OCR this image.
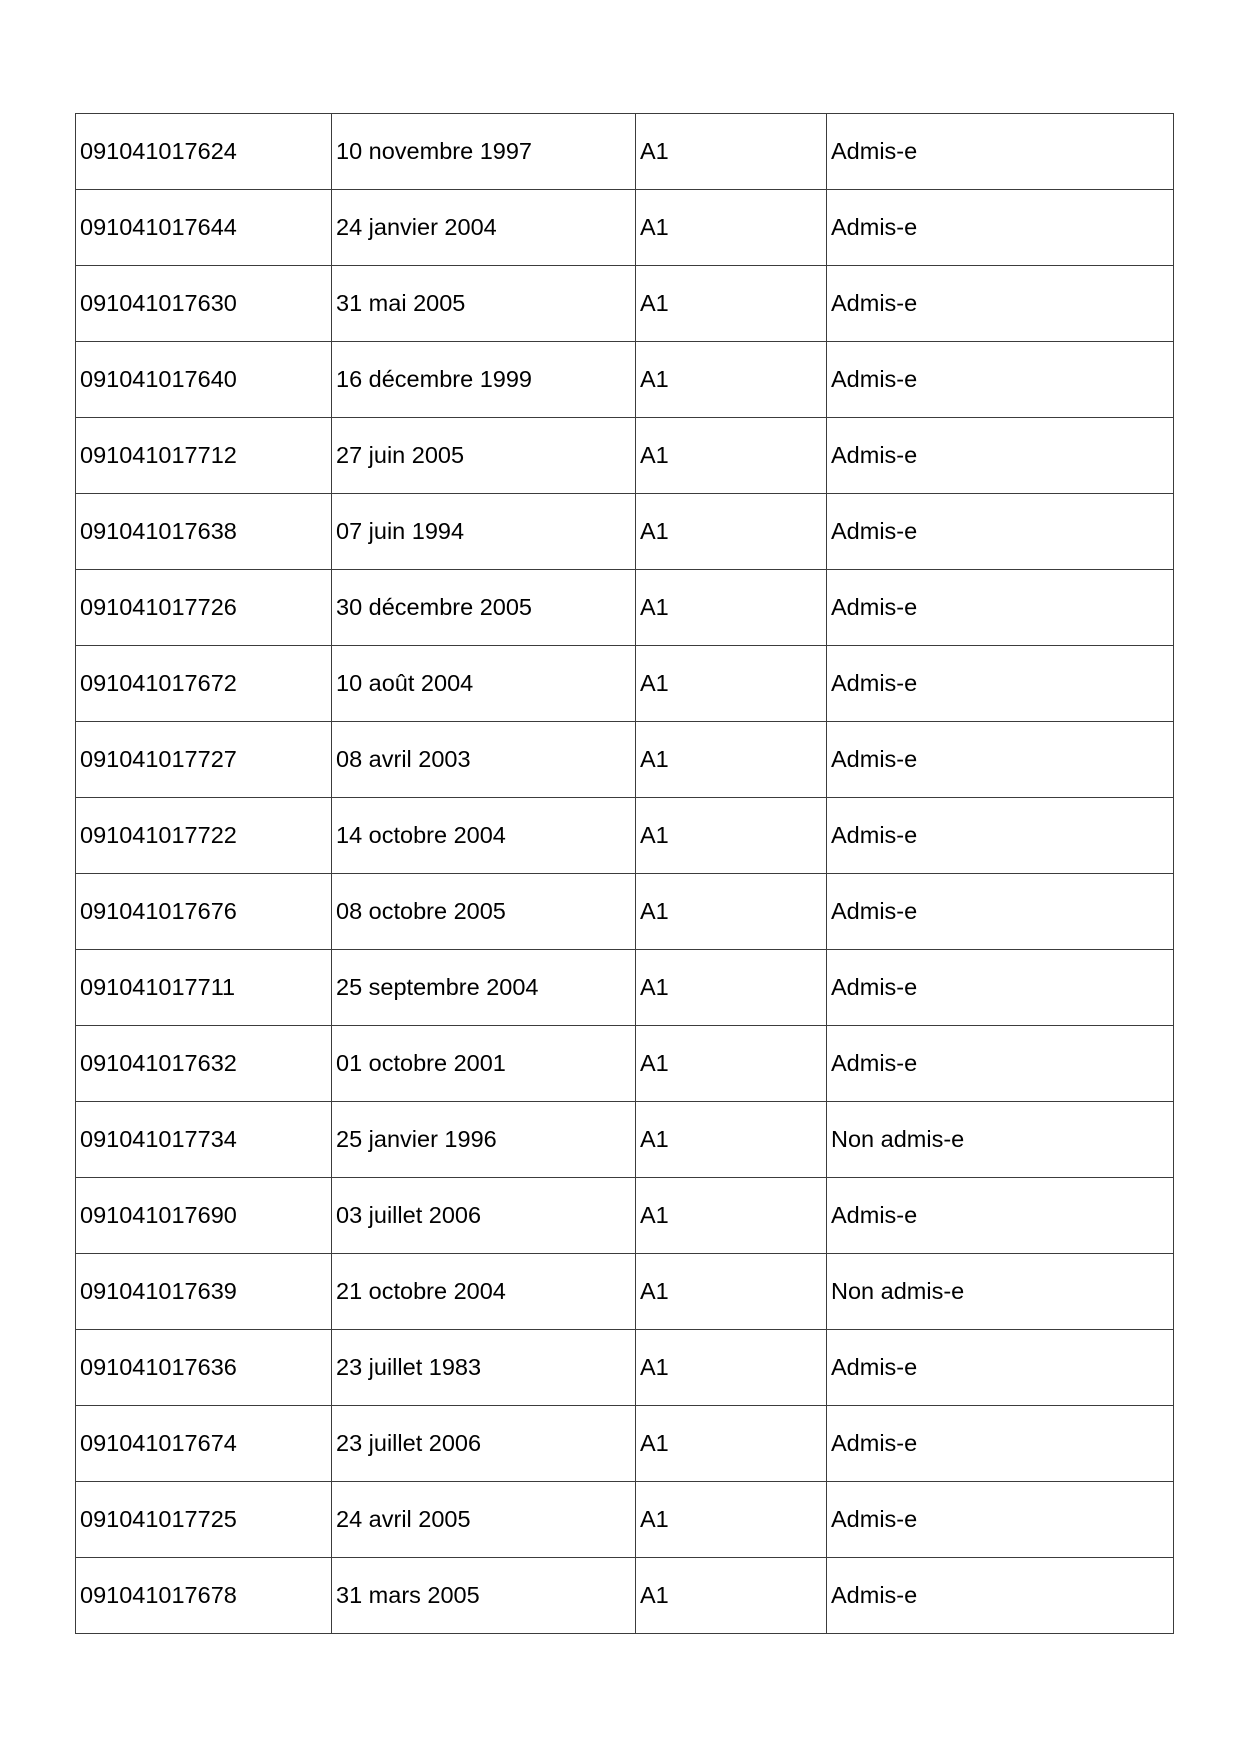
091041017624	10 novembre 1997	A1	Admis-e
091041017644	24 janvier 2004	A1	Admis-e
091041017630	31 mai 2005	A1	Admis-e
091041017640	16 décembre 1999	A1	Admis-e
091041017712	27 juin 2005	A1	Admis-e
091041017638	07 juin 1994	A1	Admis-e
091041017726	30 décembre 2005	A1	Admis-e
091041017672	10 août 2004	A1	Admis-e
091041017727	08 avril 2003	A1	Admis-e
091041017722	14 octobre 2004	A1	Admis-e
091041017676	08 octobre 2005	A1	Admis-e
091041017711	25 septembre 2004	A1	Admis-e
091041017632	01 octobre 2001	A1	Admis-e
091041017734	25 janvier 1996	A1	Non admis-e
091041017690	03 juillet 2006	A1	Admis-e
091041017639	21 octobre 2004	A1	Non admis-e
091041017636	23 juillet 1983	A1	Admis-e
091041017674	23 juillet 2006	A1	Admis-e
091041017725	24 avril 2005	A1	Admis-e
091041017678	31 mars 2005	A1	Admis-e
